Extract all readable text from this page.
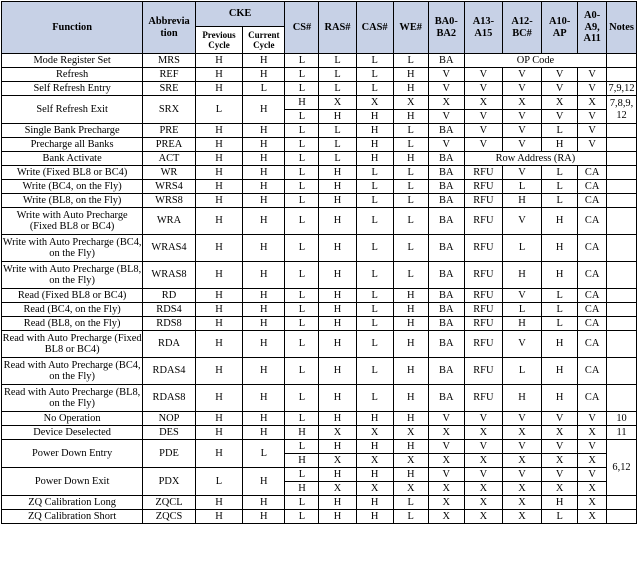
Function	Abbrevia tion	CKE		CS#	RAS#	CAS#	WE#	BA0- BA2	A13- A15	A12- BC#	A10- AP	A0- A9, A11	Notes
		Previous Cycle	Current Cycle										
Mode Register Set	MRS	H	H	L	L	L	L	BA	OP Code				
Refresh	REF	H	H	L	L	L	H	V	V	V	V	V	
Self Refresh Entry	SRE	H	L	L	L	L	H	V	V	V	V	V	7,9,12
Self Refresh Exit	SRX	L	H	H	X	X	X	X	X	X	X	X	7,8,9, 12
				L	H	H	H	V	V	V	V	V	
Single Bank Precharge	PRE	H	H	L	L	H	L	BA	V	V	L	V	
Precharge all Banks	PREA	H	H	L	L	H	L	V	V	V	H	V	
Bank Activate	ACT	H	H	L	L	H	H	BA	Row Address (RA)				
Write (Fixed BL8 or BC4)	WR	H	H	L	H	L	L	BA	RFU	V	L	CA	
Write (BC4, on the Fly)	WRS4	H	H	L	H	L	L	BA	RFU	L	L	CA	
Write (BL8, on the Fly)	WRS8	H	H	L	H	L	L	BA	RFU	H	L	CA	
Write with Auto Precharge (Fixed BL8 or BC4)	WRA	H	H	L	H	L	L	BA	RFU	V	H	CA	
Write with Auto Precharge (BC4, on the Fly)	WRAS4	H	H	L	H	L	L	BA	RFU	L	H	CA	
Write with Auto Precharge (BL8, on the Fly)	WRAS8	H	H	L	H	L	L	BA	RFU	H	H	CA	
Read (Fixed BL8 or BC4)	RD	H	H	L	H	L	H	BA	RFU	V	L	CA	
Read (BC4, on the Fly)	RDS4	H	H	L	H	L	H	BA	RFU	L	L	CA	
Read (BL8, on the Fly)	RDS8	H	H	L	H	L	H	BA	RFU	H	L	CA	
Read with Auto Precharge (Fixed BL8 or BC4)	RDA	H	H	L	H	L	H	BA	RFU	V	H	CA	
Read with Auto Precharge (BC4, on the Fly)	RDAS4	H	H	L	H	L	H	BA	RFU	L	H	CA	
Read with Auto Precharge (BL8, on the Fly)	RDAS8	H	H	L	H	L	H	BA	RFU	H	H	CA	
No Operation	NOP	H	H	L	H	H	H	V	V	V	V	V	10
Device Deselected	DES	H	H	H	X	X	X	X	X	X	X	X	11
Power Down Entry	PDE	H	L	L	H	H	H	V	V	V	V	V	6,12
				H	X	X	X	X	X	X	X	X	
Power Down Exit	PDX	L	H	L	H	H	H	V	V	V	V	V	
				H	X	X	X	X	X	X	X	X	
ZQ Calibration Long	ZQCL	H	H	L	H	H	L	X	X	X	H	X	
ZQ Calibration Short	ZQCS	H	H	L	H	H	L	X	X	X	L	X	
